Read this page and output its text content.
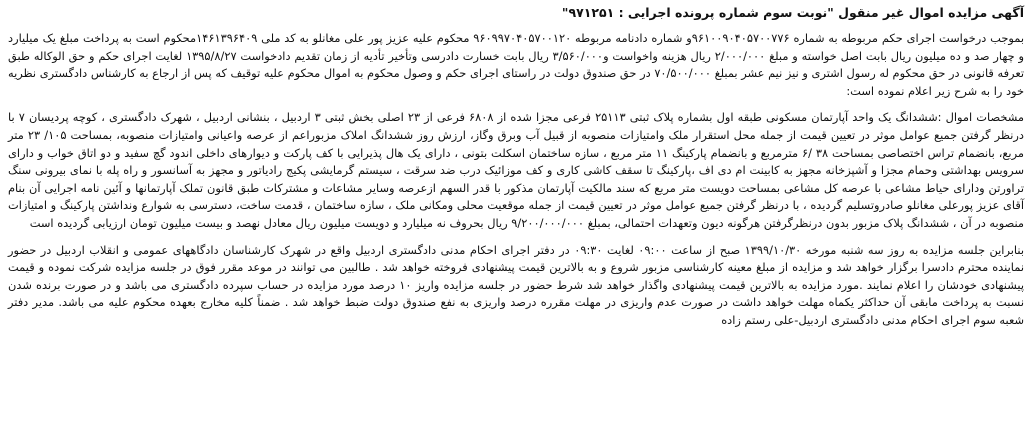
آگهی مزایده اموال غیر منقول "نوبت سوم شماره پرونده اجرایی : ۹۷۱۲۵۱"

بموجب درخواست اجرای حکم مربوطه به شماره ۹۶۱۰۰۹۰۴۰۵۷۰۰۷۷۶و شماره دادنامه مربوطه ۹۶۰۹۹۷۰۴۰۵۷۰۰۱۲۰ محکوم علیه عزیز پور علی مغانلو به کد ملی ۱۴۶۱۳۹۶۴۰۹محکوم است به پرداخت مبلغ یک میلیارد و چهار صد و ده میلیون ریال بابت اصل خواسته و مبلغ ۲/۰۰۰/۰۰۰ ریال هزینه واخواست و۳/۵۶۰/۰۰۰ ریال بابت خسارت دادرسی وتأخیر تأدیه از زمان تقدیم دادخواست ۱۳۹۵/۸/۲۷ لغایت اجرای حکم و حق الوکاله طبق تعرفه قانونی در حق محکوم له رسول اشتری و نیز نیم عشر بمبلغ ۷۰/۵۰۰/۰۰۰ در حق صندوق دولت در راستای اجرای حکم و وصول محکوم به اموال محکوم علیه توقیف که پس از ارجاع به کارشناس دادگستری نظریه خود را به شرح زیر اعلام نموده است:

مشخصات اموال :ششدانگ یک واحد آپارتمان مسکونی طبقه اول بشماره پلاک ثبتی ۲۵۱۱۳ فرعی مجزا شده از ۶۸۰۸ فرعی از ۲۳ اصلی بخش ثبتی ۳ اردبیل ، بنشانی اردبیل ، شهرک دادگستری ، کوچه پردیسان ۷ با درنظر گرفتن جمیع عوامل موثر در تعیین قیمت از جمله محل استقرار ملک وامتیازات منصوبه از قبیل آب وبرق وگاز، ارزش روز ششدانگ املاک مزبوراعم از عرصه واعیانی وامتیازات منصوبه، بمساحت ۱۰۵/ ۲۳ متر مربع، بانضمام تراس اختصاصی بمساحت ۳۸ /۶ مترمربع و بانضمام پارکینگ ۱۱ متر مربع ، سازه ساختمان اسکلت بتونی ، دارای یک هال پذیرایی با کف پارکت و دیوارهای داخلی اندود گچ سفید و دو اتاق خواب و دارای سرویس بهداشتی وحمام مجزا و آشپزخانه مجهز به کابینت ام دی اف ،پارکینگ تا سقف کاشی کاری و کف موزائیک درب ضد سرقت ، سیستم گرمایشی پکیج رادیاتور و مجهز به آسانسور و راه پله با نمای بیرونی سنگ تراورتن ودارای حیاط مشاعی با عرصه کل مشاعی بمساحت دویست متر مربع که سند مالکیت آپارتمان مذکور با قدر السهم ازعرصه وسایر مشاعات و مشترکات طبق قانون تملک آپارتمانها و آئین نامه اجرایی آن بنام آقای عزیز پورعلی مغانلو صادروتسلیم گردیده ، با درنظر گرفتن جمیع عوامل موثر در تعیین قیمت از جمله موقعیت محلی ومکانی ملک ، سازه ساختمان ، قدمت ساخت، دسترسی به شوارع ونداشتن پارکینگ و امتیازات منصوبه در آن ، ششدانگ پلاک مزبور بدون درنظرگرفتن هرگونه دیون وتعهدات احتمالی، بمبلغ ۹/۲۰۰/۰۰۰/۰۰۰ ریال بحروف نه میلیارد و دویست میلیون ریال معادل نهصد و بیست میلیون تومان ارزیابی گردیده است

بنابراین جلسه مزایده به روز سه شنبه مورخه ۱۳۹۹/۱۰/۳۰ صبح از ساعت ۰۹:۰۰ لغایت ۰۹:۳۰ در دفتر اجرای احکام مدنی دادگستری اردبیل واقع در شهرک کارشناسان دادگاههای عمومی و انقلاب اردبیل در حضور نماینده محترم دادسرا برگزار خواهد شد و مزایده از مبلغ معینه کارشناسی مزبور شروع و به بالاترین قیمت پیشنهادی فروخته خواهد شد . طالبین می توانند در موعد مقرر فوق در جلسه مزایده شرکت نموده و قیمت پیشنهادی خودشان را اعلام نمایند .مورد مزایده به بالاترین قیمت پیشنهادی واگذار خواهد شد شرط حضور در جلسه مزایده واریز ۱۰ درصد مورد مزایده در حساب سپرده دادگستری می باشد و در صورت برنده شدن نسبت به پرداخت مابقی آن حداکثر یکماه مهلت خواهد داشت در صورت عدم واریزی در مهلت مقرره درصد واریزی به نفع صندوق دولت ضبط خواهد شد . ضمناً کلیه مخارج بعهده محکوم علیه می باشد. مدیر دفتر شعبه سوم اجرای احکام مدنی دادگستری اردبیل-علی رستم زاده
